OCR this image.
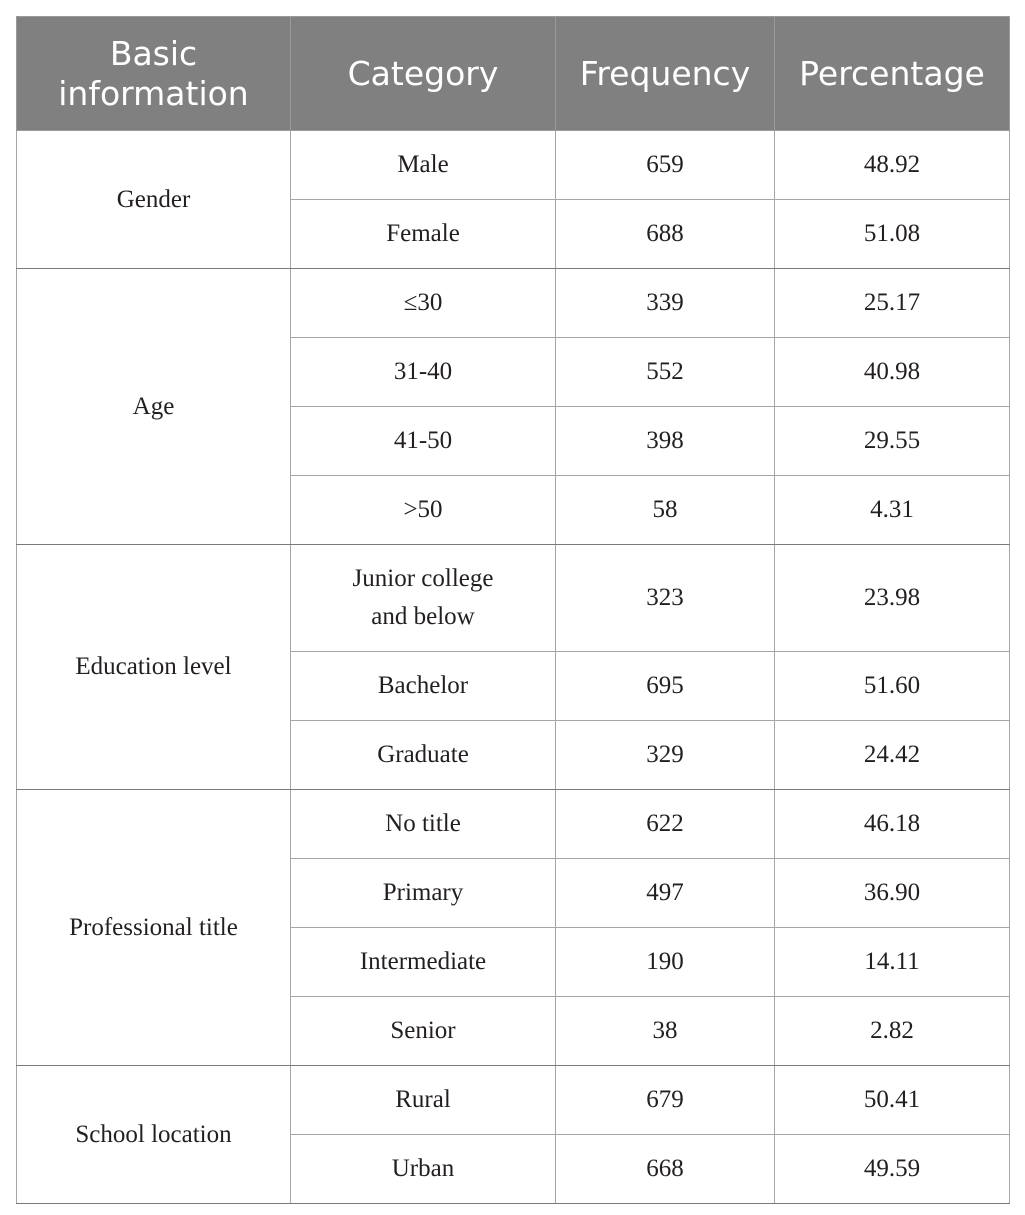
Basic information	Category	Frequency	Percentage
Gender	Male	659	48.92
	Female	688	51.08
Age	≤30	339	25.17
	31-40	552	40.98
	41-50	398	29.55
	>50	58	4.31
Education level	Junior college and below	323	23.98
	Bachelor	695	51.60
	Graduate	329	24.42
Professional title	No title	622	46.18
	Primary	497	36.90
	Intermediate	190	14.11
	Senior	38	2.82
School location	Rural	679	50.41
	Urban	668	49.59
